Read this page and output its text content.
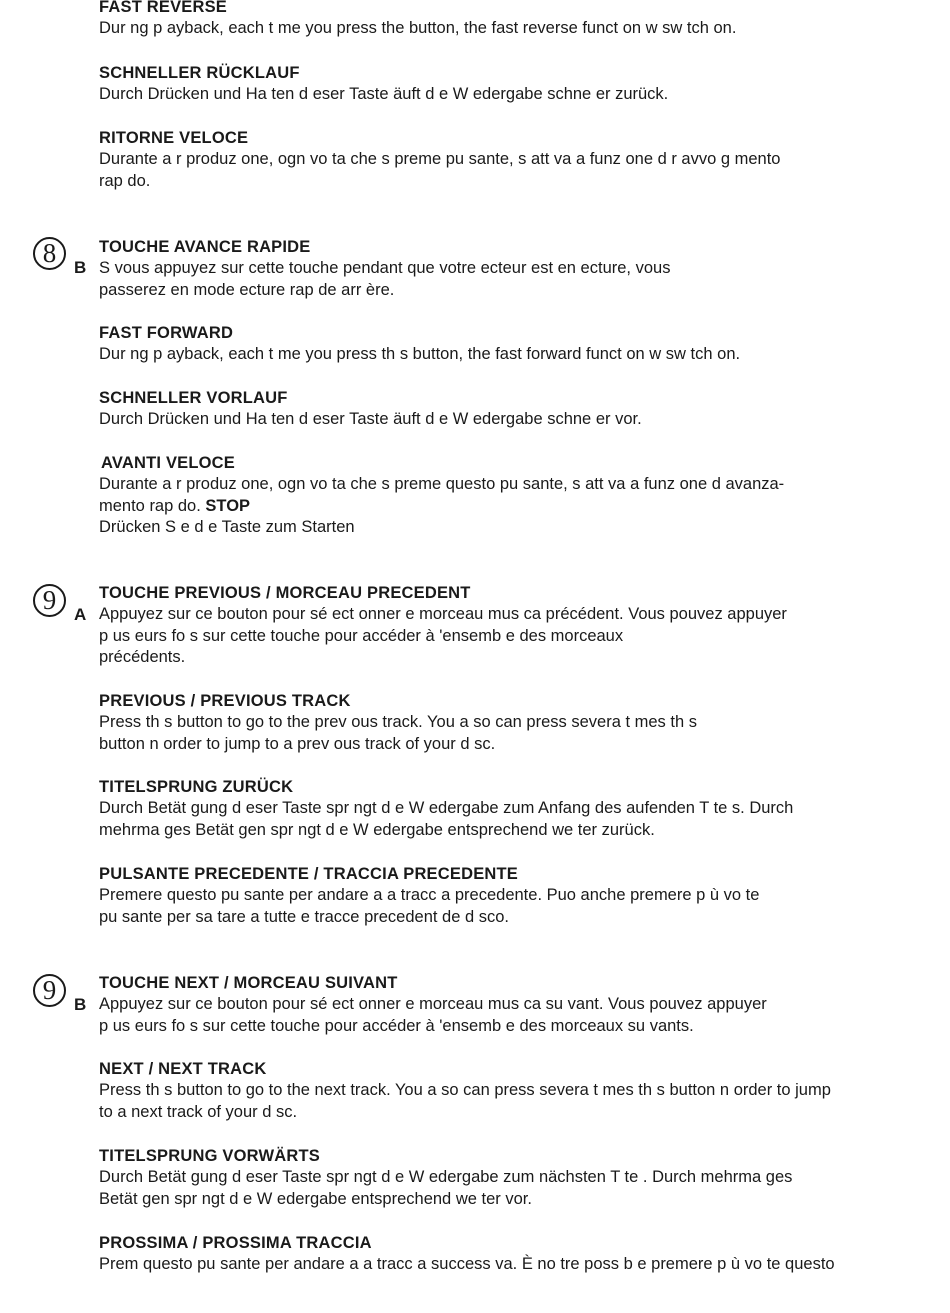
FAST REVERSE
Dur ng p ayback, each t me you press the button, the fast reverse funct on w sw tch on.
SCHNELLER RÜCKLAUF
Durch Drücken und Ha ten d eser Taste äuft d e W edergabe schne er zurück.
RITORNE VELOCE
Durante a r produz one, ogn vo ta che s preme pu sante, s att va a funz one d r avvo g mento
rap do.
8	B
TOUCHE AVANCE RAPIDE
S vous appuyez sur cette touche pendant que votre ecteur est en ecture, vous
passerez en mode ecture rap de arr ère.
FAST FORWARD
Dur ng p ayback, each t me you press th s button, the fast forward funct on w sw tch on.
SCHNELLER VORLAUF
Durch Drücken und Ha ten d eser Taste äuft d e W edergabe schne er vor.
AVANTI VELOCE
Durante a r produz one, ogn vo ta che s preme questo pu sante, s att va a funz one d avanza-
mento rap do. STOP
Drücken S e d e Taste zum Starten
9	A
TOUCHE PREVIOUS / MORCEAU PRECEDENT
Appuyez sur ce bouton pour sé ect onner e morceau mus ca précédent. Vous pouvez appuyer
p us eurs fo s sur cette touche pour accéder à 'ensemb e des morceaux
précédents.
PREVIOUS / PREVIOUS TRACK
Press th s button to go to the prev ous track. You a so can press severa t mes th s
button n order to jump to a prev ous track of your d sc.
TITELSPRUNG ZURÜCK
Durch Betät gung d eser Taste spr ngt d e W edergabe zum Anfang des aufenden T te s. Durch
mehrma ges Betät gen spr ngt d e W edergabe entsprechend we ter zurück.
PULSANTE PRECEDENTE / TRACCIA PRECEDENTE
Premere questo pu sante per andare a a tracc a precedente. Puo anche premere p ù vo te
pu sante per sa tare a tutte e tracce precedent de d sco.
9	B
TOUCHE NEXT / MORCEAU SUIVANT
Appuyez sur ce bouton pour sé ect onner e morceau mus ca su vant. Vous pouvez appuyer
p us eurs fo s sur cette touche pour accéder à 'ensemb e des morceaux su vants.
NEXT / NEXT TRACK
Press th s button to go to the next track. You a so can press severa t mes th s button n order to jump
to a next track of your d sc.
TITELSPRUNG VORWÄRTS
Durch Betät gung d eser Taste spr ngt d e W edergabe zum nächsten T te . Durch mehrma ges
Betät gen spr ngt d e W edergabe entsprechend we ter vor.
PROSSIMA / PROSSIMA TRACCIA
Prem questo pu sante per andare a a tracc a success va. È no tre poss b e premere p ù vo te questo
